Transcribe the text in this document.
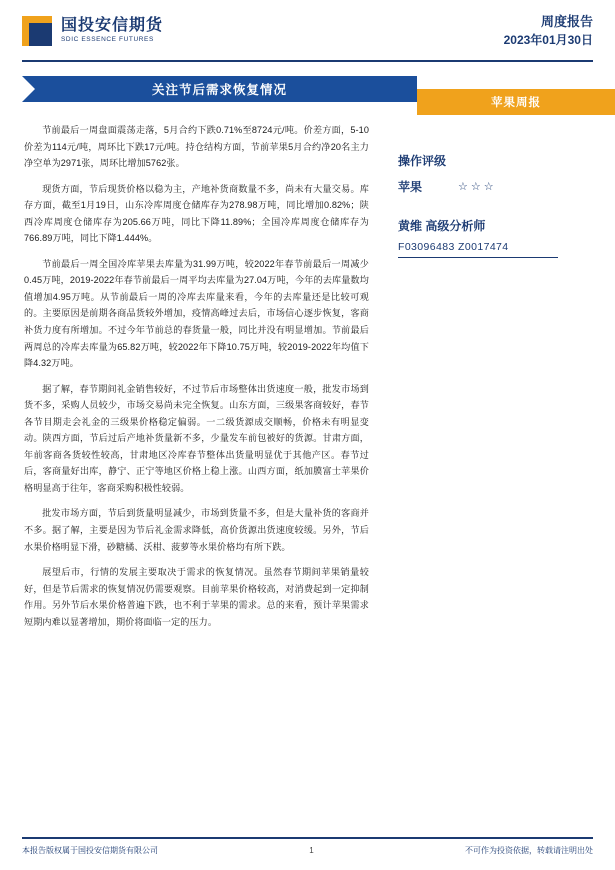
国投安信期货
SDIC ESSENCE FUTURES
周度报告
2023年01月30日
关注节后需求恢复情况
苹果周报

节前最后一周盘面震荡走落，5月合约下跌0.71%至8724元/吨。价差方面，5-10价差为114元/吨，周环比下跌17元/吨。持仓结构方面，节前苹果5月合约净20名主力净空单为2971张，周环比增加5762张。

现货方面，节后现货价格以稳为主，产地补货商数量不多，尚未有大量交易。库存方面，截至1月19日，山东冷库周度仓储库存为278.98万吨，同比增加0.82%；陕西冷库周度仓储库存为205.66万吨，同比下降11.89%；全国冷库周度仓储库存为766.89万吨，同比下降1.444%。

节前最后一周全国冷库苹果去库量为31.99万吨，较2022年春节前最后一周减少0.45万吨，2019-2022年春节前最后一周平均去库量为27.04万吨，今年的去库量数均值增加4.95万吨。从节前最后一周的冷库去库量来看，今年的去库量还是比较可观的。主要原因是前期各商品货较外增加，疫情高峰过去后，市场信心逐步恢复，客商补货力度有所增加。不过今年节前总的春货量一般，同比并没有明显增加。节前最后两周总的冷库去库量为65.82万吨，较2022年下降10.75万吨，较2019-2022年均值下降4.32万吨。

据了解，春节期间礼金销售较好，不过节后市场整体出货速度一般，批发市场到货不多，采购人员较少，市场交易尚未完全恢复。山东方面，三级果客商较好，春节各节目期走会礼金的三级果价格稳定偏弱。一二级货源成交顺畅，价格未有明显变动。陕西方面，节后过后产地补货量新不多，少量发车前包被好的货源。甘肃方面，年前客商各货较性较高，甘肃地区冷库春节整体出货量明显优于其他产区。春节过后，客商量好出库，静宁、正宁等地区价格上稳上涨。山西方面，纸加膜富士苹果价格明显高于往年，客商采购积极性较弱。

批发市场方面，节后到货量明显减少，市场到货量不多，但是大量补货的客商并不多。据了解，主要是因为节后礼金需求降低，高价货源出货速度较缓。另外，节后水果价格明显下滑，砂糖橘、沃柑、菠萝等水果价格均有所下跌。

展望后市，行情的发展主要取决于需求的恢复情况。虽然春节期间苹果销量较好，但是节后需求的恢复情况仍需要观察。目前苹果价格较高，对消费起到一定抑制作用。另外节后水果价格普遍下跌，也不利于苹果的需求。总的来看，预计苹果需求短期内难以显著增加，期价将面临一定的压力。

操作评级
苹果	☆☆☆
黄维 高级分析师
F03096483 Z0017474
本报告版权属于国投安信期货有限公司	1	不可作为投资依据，转载请注明出处
